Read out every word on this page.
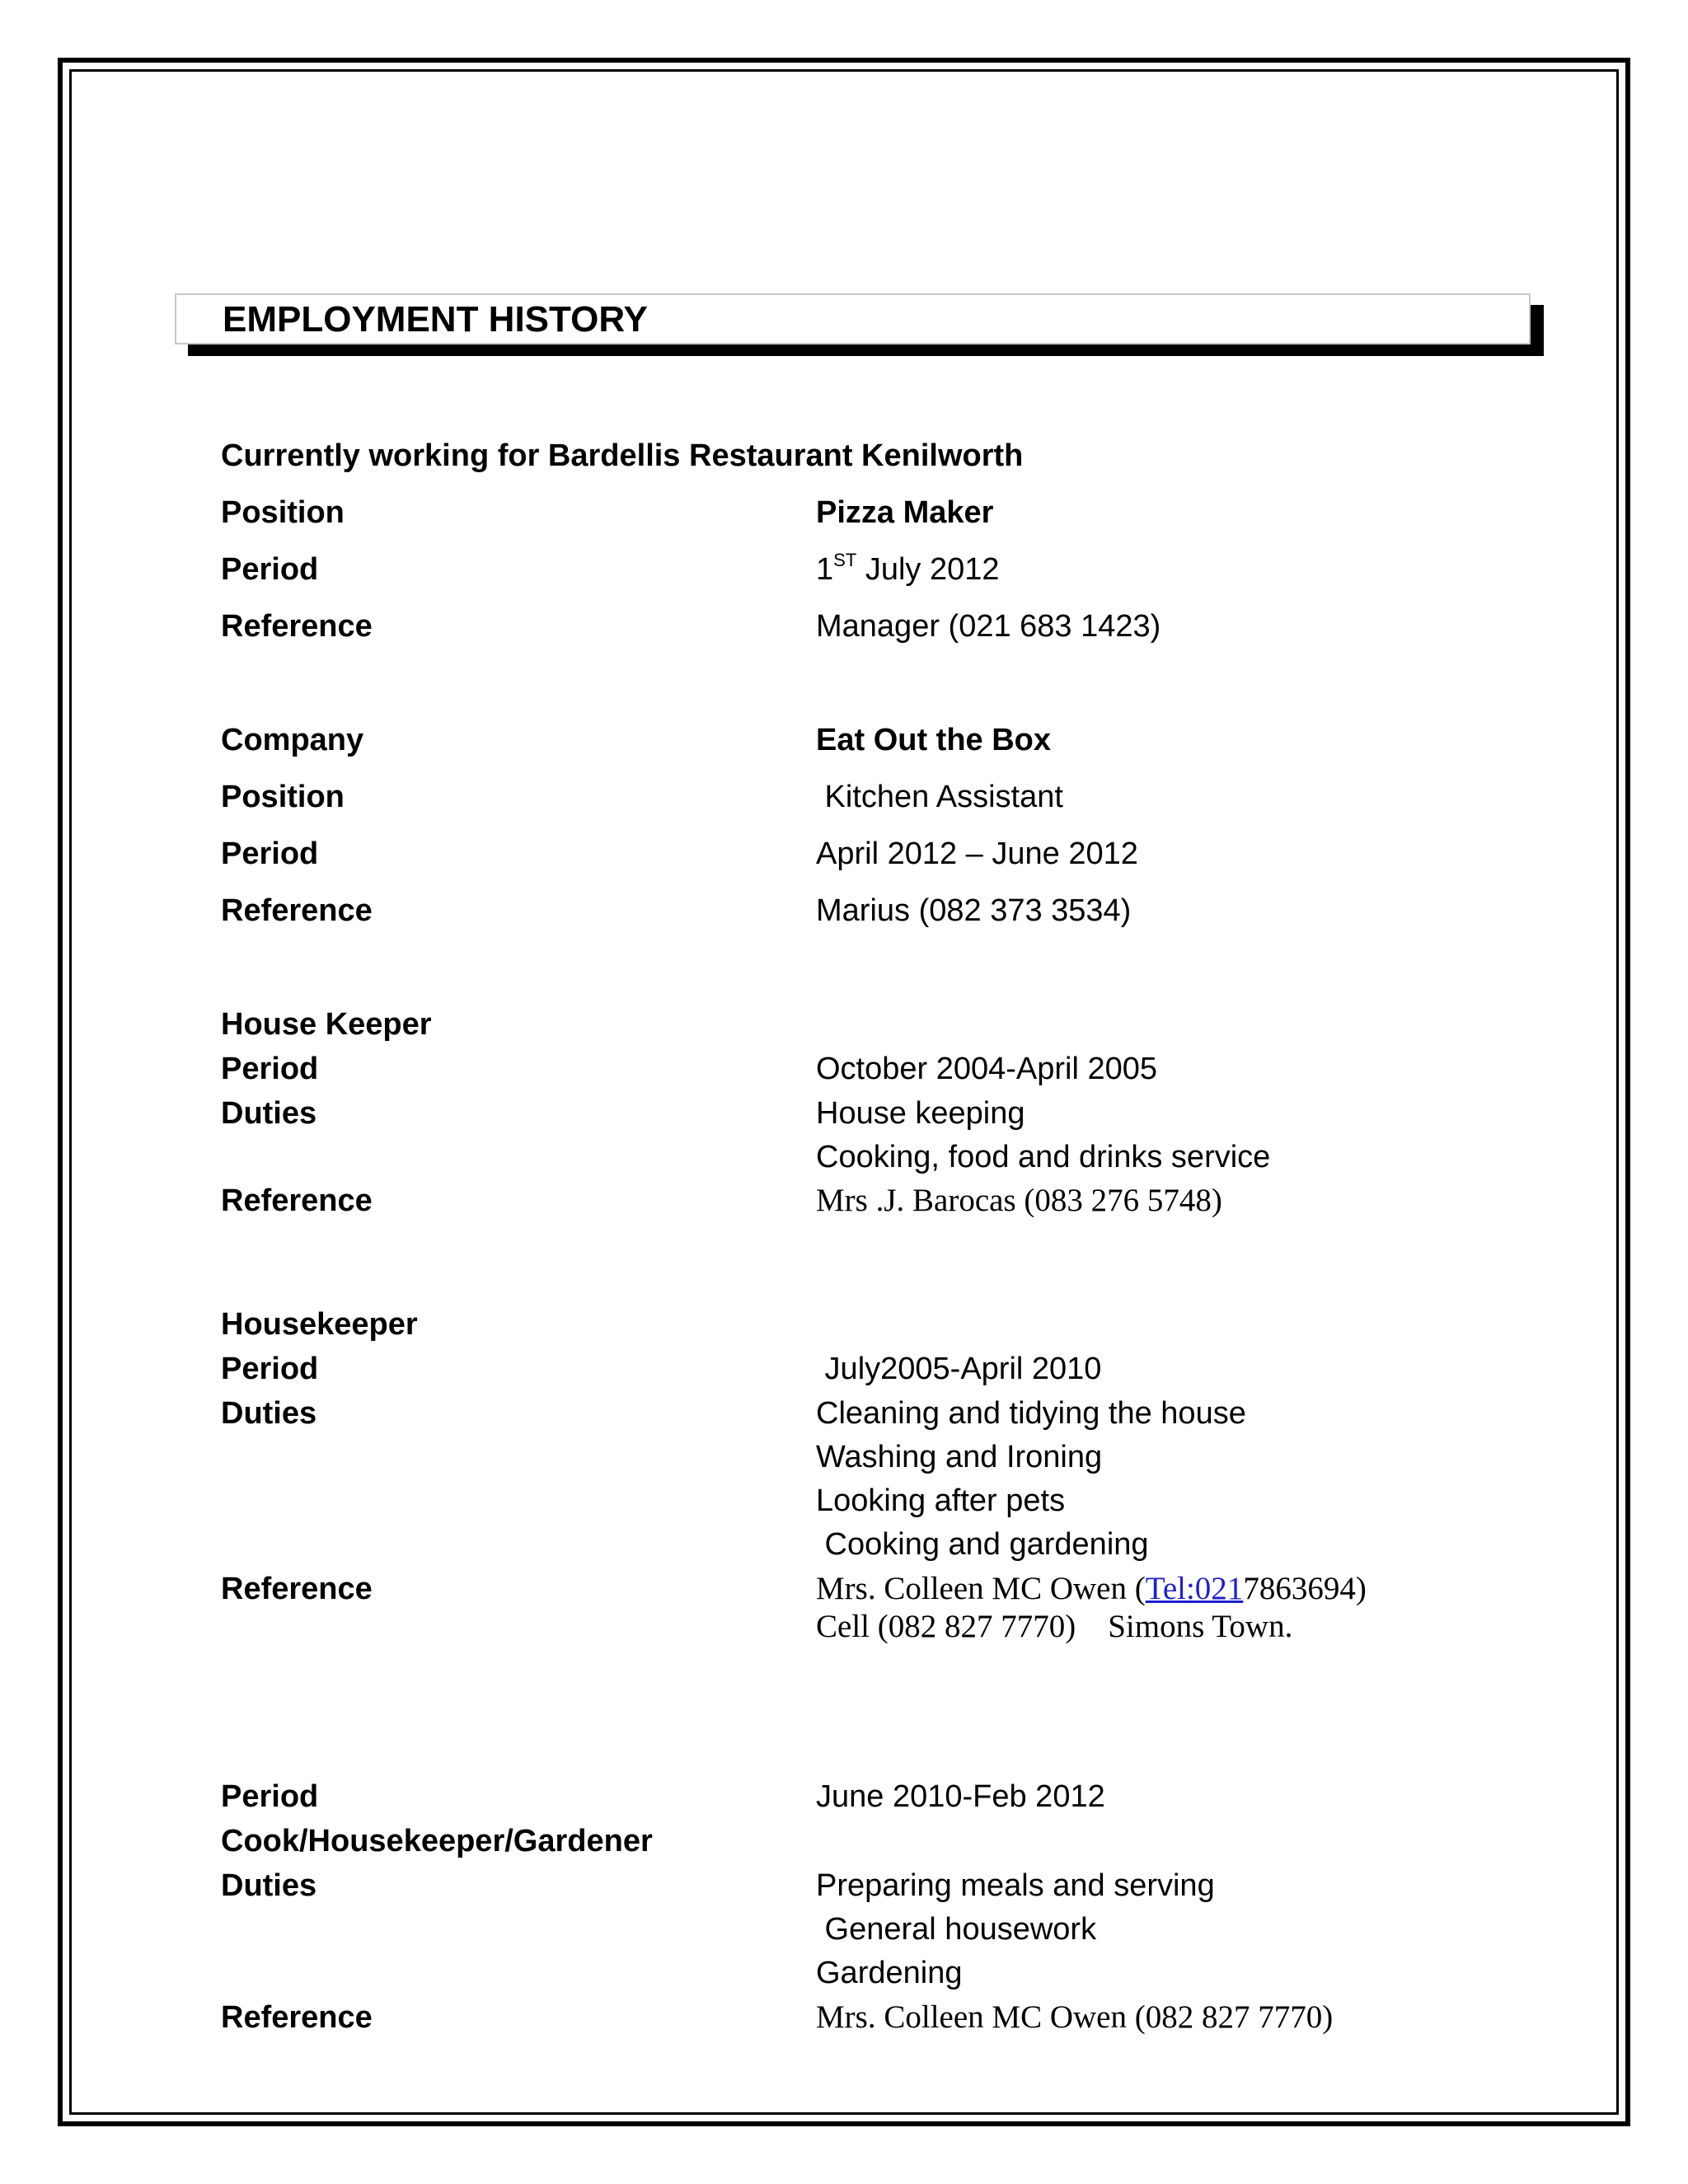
EMPLOYMENT HISTORY
Currently working for Bardellis Restaurant Kenilworth
Position	Pizza Maker
Period	1ST July 2012
Reference	Manager (021 683 1423)
Company	Eat Out the Box
Position	Kitchen Assistant
Period	April 2012 – June 2012
Reference	Marius (082 373 3534)
House Keeper
Period	October 2004-April 2005
Duties	House keeping
Cooking, food and drinks service
Reference	Mrs .J. Barocas (083 276 5748)
Housekeeper
Period	July2005-April 2010
Duties	Cleaning and tidying the house
Washing and Ironing
Looking after pets
Cooking and gardening
Reference	Mrs. Colleen MC Owen (Tel:0217863694)
Cell (082 827 7770)    Simons Town.
Period	June 2010-Feb 2012
Cook/Housekeeper/Gardener
Duties	Preparing meals and serving
General housework
Gardening
Reference	Mrs. Colleen MC Owen (082 827 7770)
